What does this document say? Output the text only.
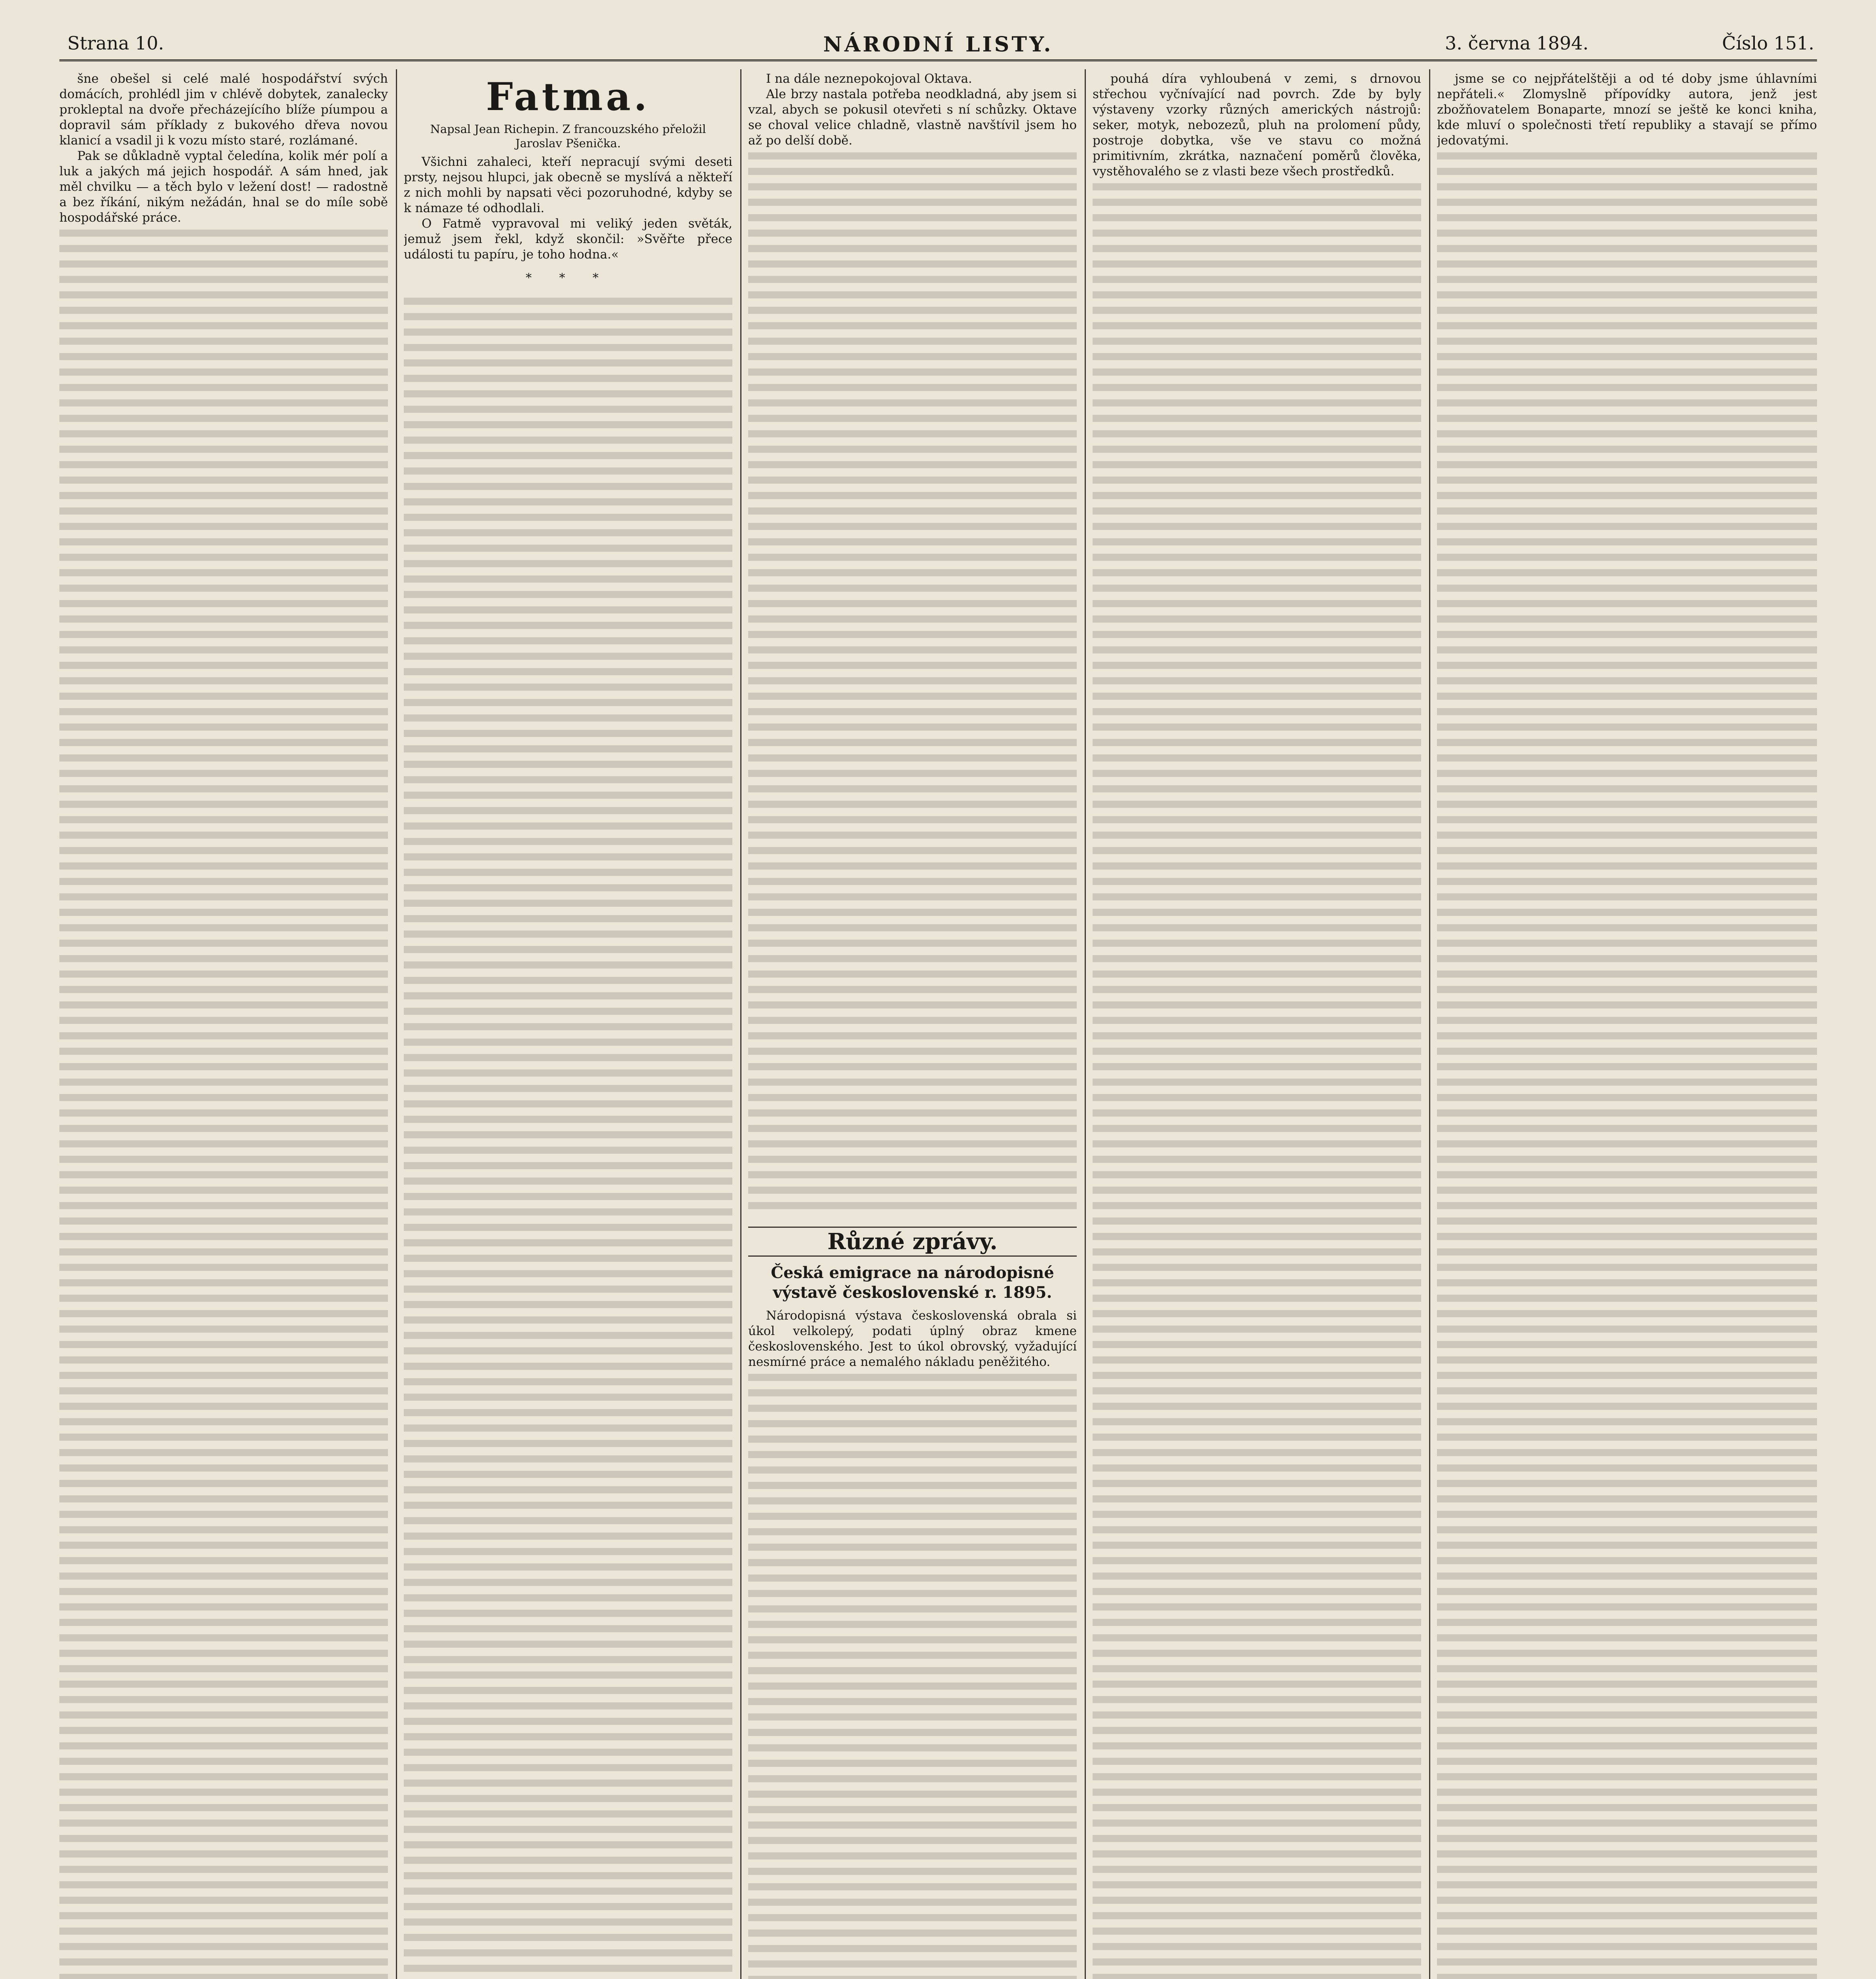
Strana 10.	NÁRODNÍ LISTY.	3. června 1894.	Číslo 151.

šne obešel si celé malé hospodářství svých domácích, prohlédl jim v chlévě dobytek, zanalecky prokleptal na dvoře přecházejícího blíže píumpou a dopravil sám příklady z bukového dřeva novou klanicí a vsadil ji k vozu místo staré, rozlámané.

Pak se důkladně vyptal čeledína, kolik mér polí a luk a jakých má jejich hospodář. A sám hned, jak měl chvilku — a těch bylo v ležení dost! — radostně a bez říkání, nikým nežádán, hnal se do míle sobě hospodářské práce.

Fatma.

Napsal Jean Richepin. Z francouzského přeložil

Jaroslav Pšenička.

Všichni zahaleci, kteří nepracují svými deseti prsty, nejsou hlupci, jak obecně se myslívá a někteří z nich mohli by napsati věci pozoruhodné, kdyby se k námaze té odhodlali.

O Fatmě vypravoval mi veliký jeden světák, jemuž jsem řekl, když skončil: »Svěřte přece události tu papíru, je toho hodna.«

* * *

I na dále neznepokojoval Oktava.

Ale brzy nastala potřeba neodkladná, aby jsem si vzal, abych se pokusil otevřeti s ní schůzky. Oktave se choval velice chladně, vlastně navštívil jsem ho až po delší době.

Různé zprávy.
Česká emigrace na národopisné výstavě československé r. 1895.

Národopisná výstava československá obrala si úkol velkolepý, podati úplný obraz kmene československého. Jest to úkol obrovský, vyžadující nesmírné práce a nemalého nákladu peněžitého.

pouhá díra vyhloubená v zemi, s drnovou střechou vyčnívající nad povrch. Zde by byly výstaveny vzorky různých amerických nástrojů: seker, motyk, nebozezů, pluh na prolomení půdy, postroje dobytka, vše ve stavu co možná primitivním, zkrátka, naznačení poměrů člověka, vystěhovalého se z vlasti beze všech prostředků.

jsme se co nejpřátelštěji a od té doby jsme úhlavními nepřáteli.« Zlomyslně přípovídky autora, jenž jest zbožňovatelem Bonaparte, mnozí se ještě ke konci kniha, kde mluví o společnosti třetí republiky a stavají se přímo jedovatými.
